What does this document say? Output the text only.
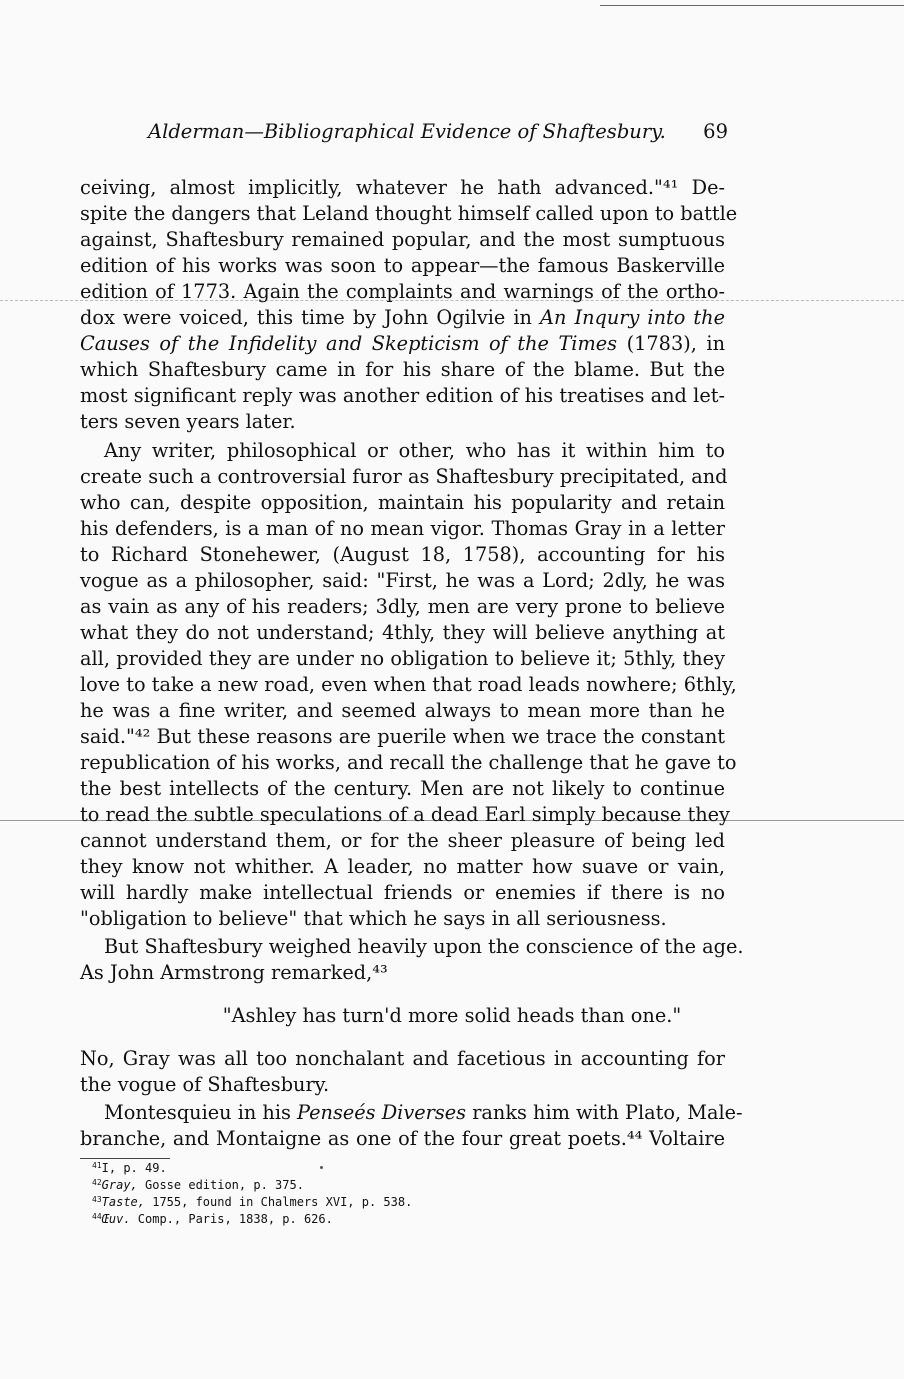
Alderman—Bibliographical Evidence of Shaftesbury. 69
ceiving, almost implicitly, whatever he hath advanced."⁴¹ De-
spite the dangers that Leland thought himself called upon to battle
against, Shaftesbury remained popular, and the most sumptuous
edition of his works was soon to appear—the famous Baskerville
edition of 1773. Again the complaints and warnings of the ortho-
dox were voiced, this time by John Ogilvie in An Inqury into the
Causes of the Infidelity and Skepticism of the Times (1783), in
which Shaftesbury came in for his share of the blame. But the
most significant reply was another edition of his treatises and let-
ters seven years later.
Any writer, philosophical or other, who has it within him to
create such a controversial furor as Shaftesbury precipitated, and
who can, despite opposition, maintain his popularity and retain
his defenders, is a man of no mean vigor. Thomas Gray in a letter
to Richard Stonehewer, (August 18, 1758), accounting for his
vogue as a philosopher, said: "First, he was a Lord; 2dly, he was
as vain as any of his readers; 3dly, men are very prone to believe
what they do not understand; 4thly, they will believe anything at
all, provided they are under no obligation to believe it; 5thly, they
love to take a new road, even when that road leads nowhere; 6thly,
he was a fine writer, and seemed always to mean more than he
said."⁴² But these reasons are puerile when we trace the constant
republication of his works, and recall the challenge that he gave to
the best intellects of the century. Men are not likely to continue
to read the subtle speculations of a dead Earl simply because they
cannot understand them, or for the sheer pleasure of being led
they know not whither. A leader, no matter how suave or vain,
will hardly make intellectual friends or enemies if there is no
"obligation to believe" that which he says in all seriousness.
But Shaftesbury weighed heavily upon the conscience of the age.
As John Armstrong remarked,⁴³
"Ashley has turn'd more solid heads than one."
No, Gray was all too nonchalant and facetious in accounting for
the vogue of Shaftesbury.
Montesquieu in his Penseés Diverses ranks him with Plato, Male-
branche, and Montaigne as one of the four great poets.⁴⁴ Voltaire
$^{41}$I, p. 49.
$^{42}$Gray, Gosse edition, p. 375.
$^{43}$Taste, 1755, found in Chalmers XVI, p. 538.
$^{44}$Œuv. Comp., Paris, 1838, p. 626.
